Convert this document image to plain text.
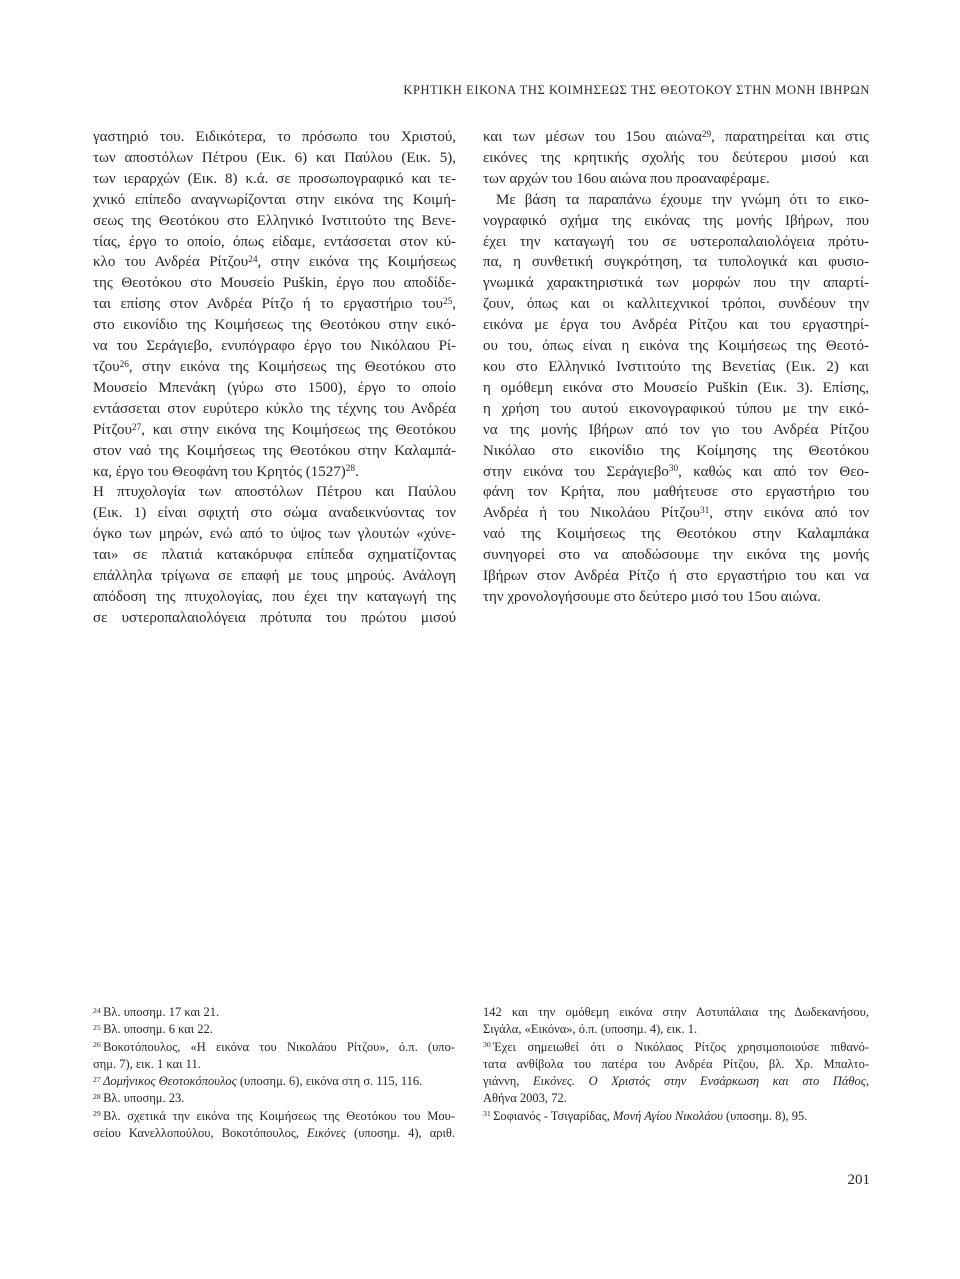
ΚΡΗΤΙΚΗ ΕΙΚΟΝΑ ΤΗΣ ΚΟΙΜΗΣΕΩΣ ΤΗΣ ΘΕΟΤΟΚΟΥ ΣΤΗΝ ΜΟΝΗ ΙΒΗΡΩΝ
γαστηριό του. Ειδικότερα, το πρόσωπο του Χριστού,
των αποστόλων Πέτρου (Εικ. 6) και Παύλου (Εικ. 5),
των ιεραρχών (Εικ. 8) κ.ά. σε προσωπογραφικό και τε-
χνικό επίπεδο αναγνωρίζονται στην εικόνα της Κοιμή-
σεως της Θεοτόκου στο Ελληνικό Ινστιτούτο της Βενε-
τίας, έργο το οποίο, όπως είδαμε, εντάσσεται στον κύ-
κλο του Ανδρέα Ρίτζου$^{24}$, στην εικόνα της Κοιμήσεως
της Θεοτόκου στο Μουσείο Puškin, έργο που αποδίδε-
ται επίσης στον Ανδρέα Ρίτζο ή το εργαστήριο του$^{25}$,
στο εικονίδιο της Κοιμήσεως της Θεοτόκου στην εικό-
να του Σεράγιεβο, ενυπόγραφο έργο του Νικόλαου Ρί-
τζου$^{26}$, στην εικόνα της Κοιμήσεως της Θεοτόκου στο
Μουσείο Μπενάκη (γύρω στο 1500), έργο το οποίο
εντάσσεται στον ευρύτερο κύκλο της τέχνης του Ανδρέα
Ρίτζου$^{27}$, και στην εικόνα της Κοιμήσεως της Θεοτόκου
στον ναό της Κοιμήσεως της Θεοτόκου στην Καλαμπά-
κα, έργο του Θεοφάνη του Κρητός $(1527)^{28}$.
Η πτυχολογία των αποστόλων Πέτρου και Παύλου
(Εικ. 1) είναι σφιχτή στο σώμα αναδεικνύοντας τον
όγκο των μηρών, ενώ από το ύψος των γλουτών «χύνε-
ται» σε πλατιά κατακόρυφα επίπεδα σχηματίζοντας
επάλληλα τρίγωνα σε επαφή με τους μηρούς. Ανάλογη
απόδοση της πτυχολογίας, που έχει την καταγωγή της
σε υστεροπαλαιολόγεια πρότυπα του πρώτου μισού
και των μέσων του 15ου αιώνα$^{29}$, παρατηρείται και στις
εικόνες της κρητικής σχολής του δεύτερου μισού και
των αρχών του 16ου αιώνα που προαναφέραμε.
Με βάση τα παραπάνω έχουμε την γνώμη ότι το εικο-
νογραφικό σχήμα της εικόνας της μονής Ιβήρων, που
έχει την καταγωγή του σε υστεροπαλαιολόγεια πρότυ-
πα, η συνθετική συγκρότηση, τα τυπολογικά και φυσιο-
γνωμικά χαρακτηριστικά των μορφών που την απαρτί-
ζουν, όπως και οι καλλιτεχνικοί τρόποι, συνδέουν την
εικόνα με έργα του Ανδρέα Ρίτζου και του εργαστηρί-
ου του, όπως είναι η εικόνα της Κοιμήσεως της Θεοτό-
κου στο Ελληνικό Ινστιτούτο της Βενετίας (Εικ. 2) και
η ομόθεμη εικόνα στο Μουσείο Puškin (Εικ. 3). Επίσης,
η χρήση του αυτού εικονογραφικού τύπου με την εικό-
να της μονής Ιβήρων από τον γιο του Ανδρέα Ρίτζου
Νικόλαο στο εικονίδιο της Κοίμησης της Θεοτόκου
στην εικόνα του Σεράγιεβο$^{30}$, καθώς και από τον Θεο-
φάνη τον Κρήτα, που μαθήτευσε στο εργαστήριο του
Ανδρέα ή του Νικολάου Ρίτζου$^{31}$, στην εικόνα από τον
ναό της Κοιμήσεως της Θεοτόκου στην Καλαμπάκα
συνηγορεί στο να αποδώσουμε την εικόνα της μονής
Ιβήρων στον Ανδρέα Ρίτζο ή στο εργαστήριο του και να
την χρονολογήσουμε στο δεύτερο μισό του 15ου αιώνα.
$^{24}$ Βλ. υποσημ. 17 και 21.
$^{25}$ Βλ. υποσημ. 6 και 22.
$^{26}$ Βοκοτόπουλος, «Η εικόνα του Νικολάου Ρίτζου», ό.π. (υπο-
σημ. 7), εικ. 1 και 11.
$^{27}$ Δομήνικος Θεοτοκόπουλος (υποσημ. 6), εικόνα στη σ. 115, 116.
$^{28}$ Βλ. υποσημ. 23.
$^{29}$ Βλ. σχετικά την εικόνα της Κοιμήσεως της Θεοτόκου του Μου-
σείου Κανελλοπούλου, Βοκοτόπουλος, Εικόνες (υποσημ. 4), αριθ.
142 και την ομόθεμη εικόνα στην Αστυπάλαια της Δωδεκανήσου,
Σιγάλα, «Εικόνα», ό.π. (υποσημ. 4), εικ. 1.
$^{30}$ Έχει σημειωθεί ότι ο Νικόλαος Ρίτζος χρησιμοποιούσε πιθανό-
τατα ανθίβολα του πατέρα του Ανδρέα Ρίτζου, βλ. Χρ. Μπαλτο-
γιάννη, Εικόνες. Ο Χριστός στην Ενσάρκωση και στο Πάθος,
Αθήνα 2003, 72.
$^{31}$ Σοφιανός - Τσιγαρίδας, Μονή Αγίου Νικολάου (υποσημ. 8), 95.
201
